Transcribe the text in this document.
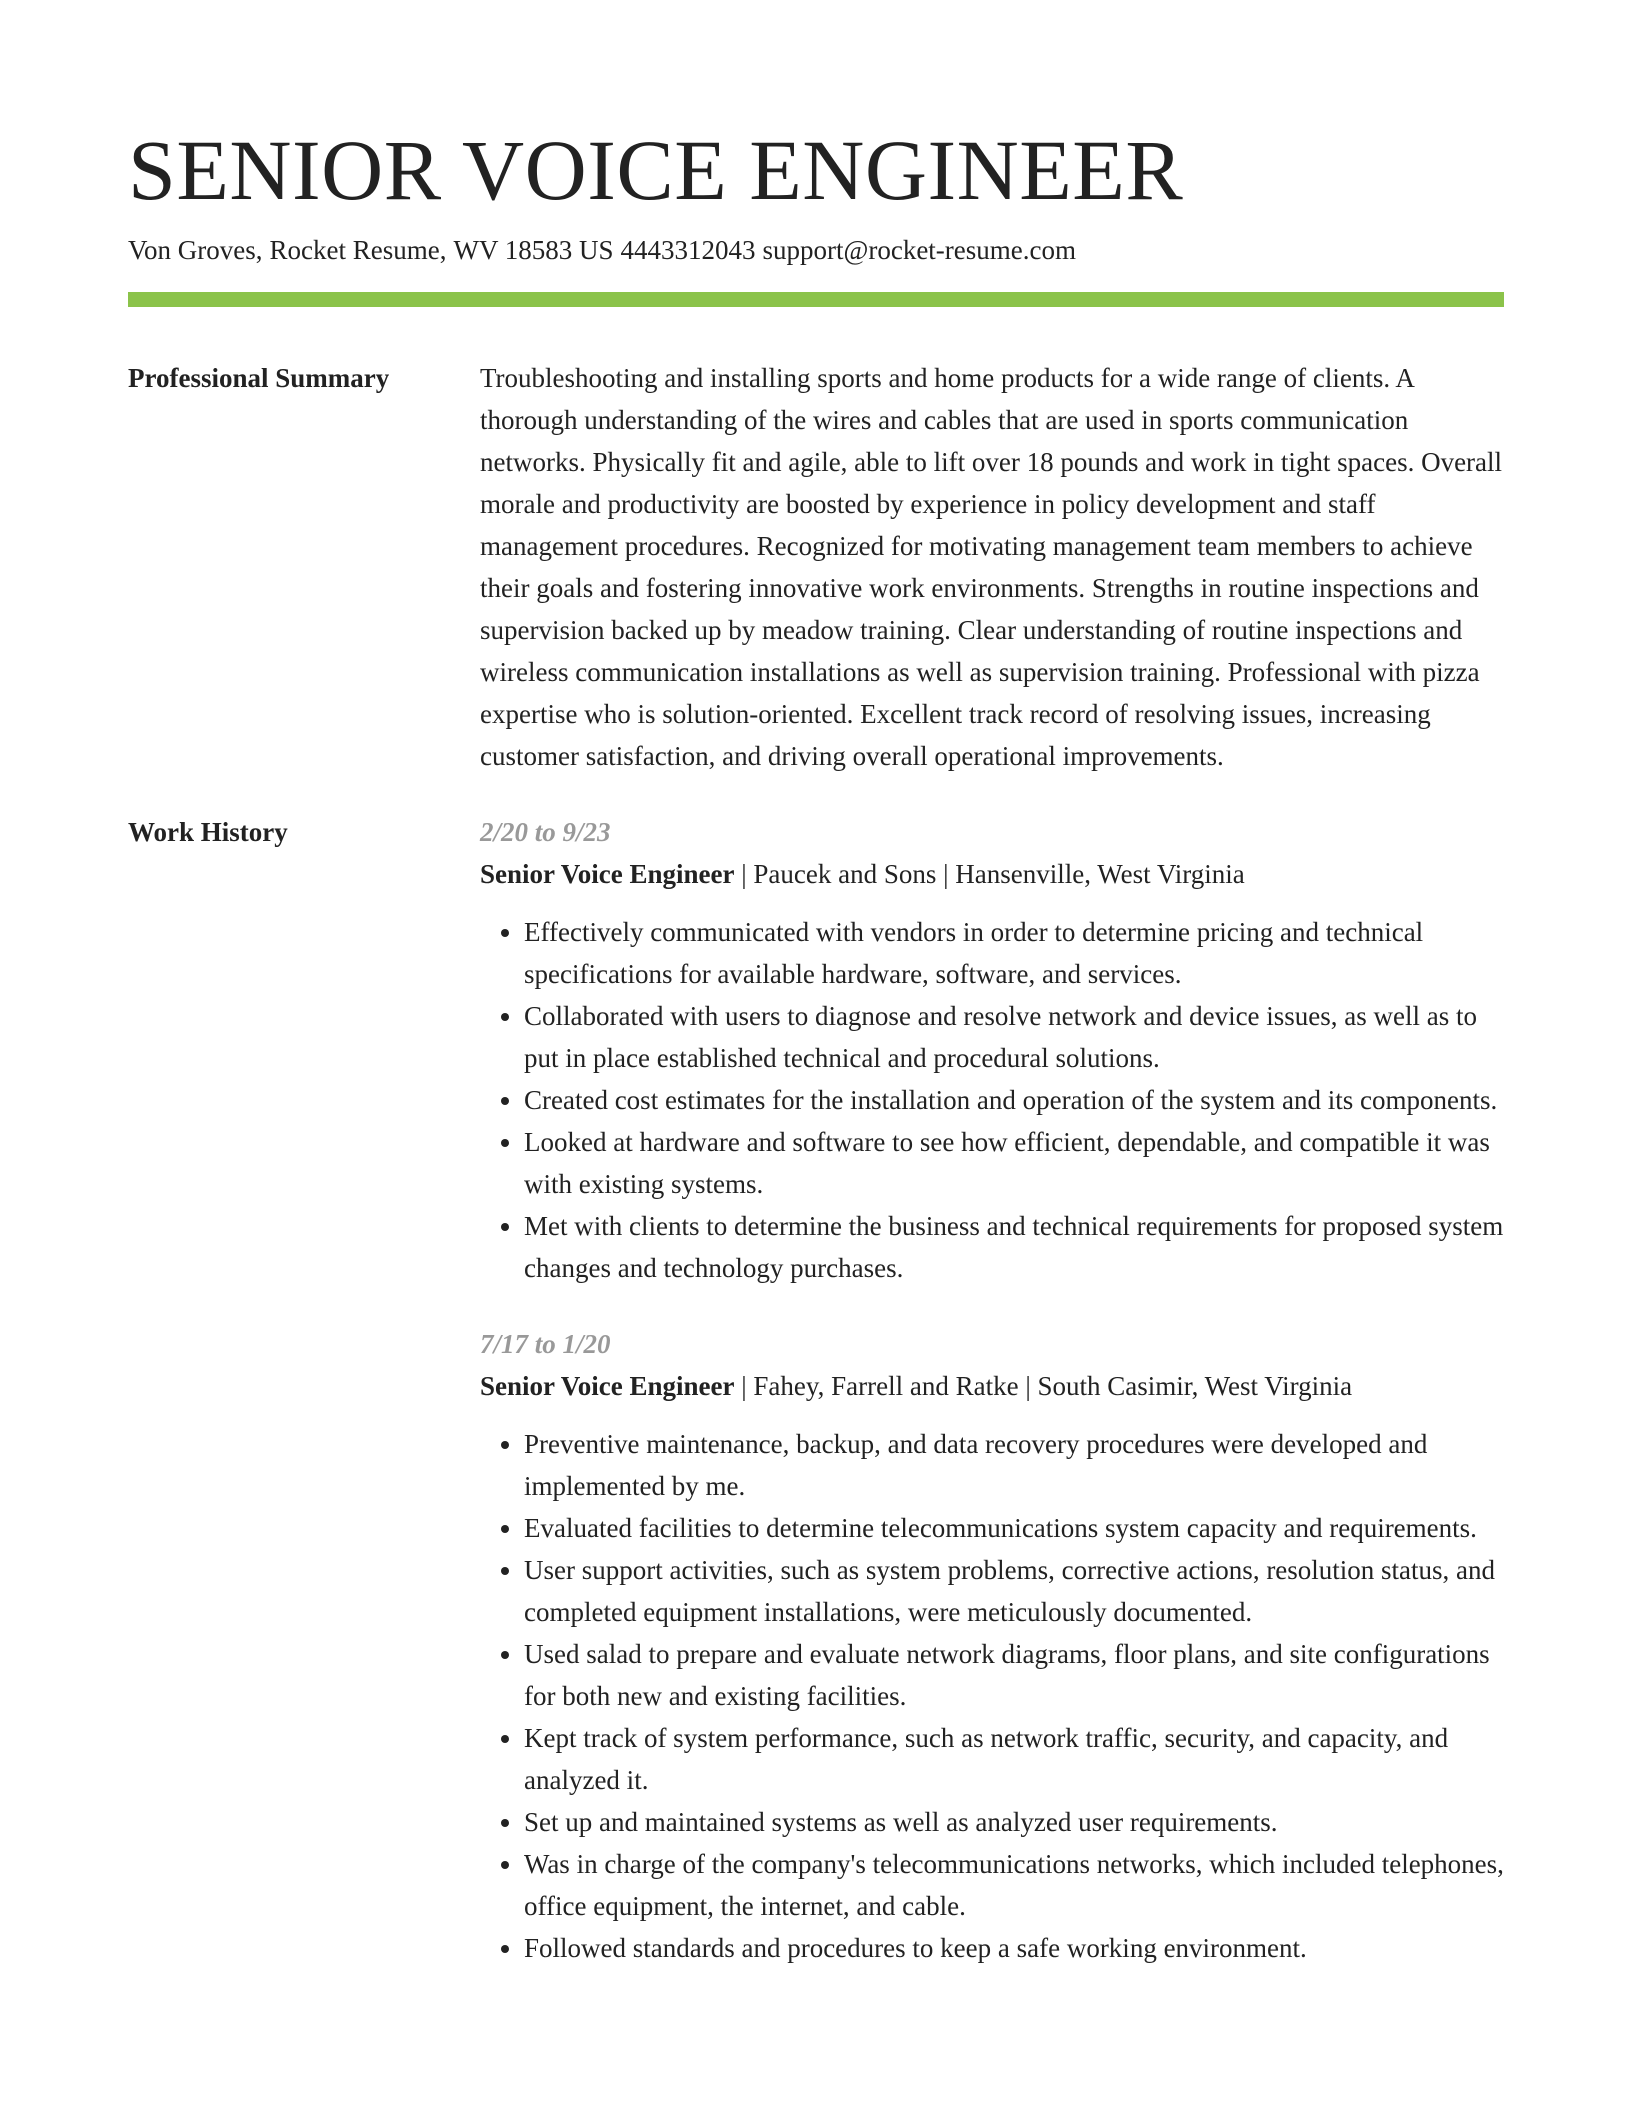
SENIOR VOICE ENGINEER
Von Groves, Rocket Resume, WV 18583 US 4443312043 support@rocket-resume.com
Professional Summary	Troubleshooting and installing sports and home products for a wide range of clients. A thorough understanding of the wires and cables that are used in sports communication networks. Physically fit and agile, able to lift over 18 pounds and work in tight spaces. Overall morale and productivity are boosted by experience in policy development and staff management procedures. Recognized for motivating management team members to achieve their goals and fostering innovative work environments. Strengths in routine inspections and supervision backed up by meadow training. Clear understanding of routine inspections and wireless communication installations as well as supervision training. Professional with pizza expertise who is solution-oriented. Excellent track record of resolving issues, increasing customer satisfaction, and driving overall operational improvements.

Work History	2/20 to 9/23
Senior Voice Engineer | Paucek and Sons | Hansenville, West Virginia
• Effectively communicated with vendors in order to determine pricing and technical specifications for available hardware, software, and services.
• Collaborated with users to diagnose and resolve network and device issues, as well as to put in place established technical and procedural solutions.
• Created cost estimates for the installation and operation of the system and its components.
• Looked at hardware and software to see how efficient, dependable, and compatible it was with existing systems.
• Met with clients to determine the business and technical requirements for proposed system changes and technology purchases.
7/17 to 1/20
Senior Voice Engineer | Fahey, Farrell and Ratke | South Casimir, West Virginia
• Preventive maintenance, backup, and data recovery procedures were developed and implemented by me.
• Evaluated facilities to determine telecommunications system capacity and requirements.
• User support activities, such as system problems, corrective actions, resolution status, and completed equipment installations, were meticulously documented.
• Used salad to prepare and evaluate network diagrams, floor plans, and site configurations for both new and existing facilities.
• Kept track of system performance, such as network traffic, security, and capacity, and analyzed it.
• Set up and maintained systems as well as analyzed user requirements.
• Was in charge of the company's telecommunications networks, which included telephones, office equipment, the internet, and cable.
• Followed standards and procedures to keep a safe working environment.
